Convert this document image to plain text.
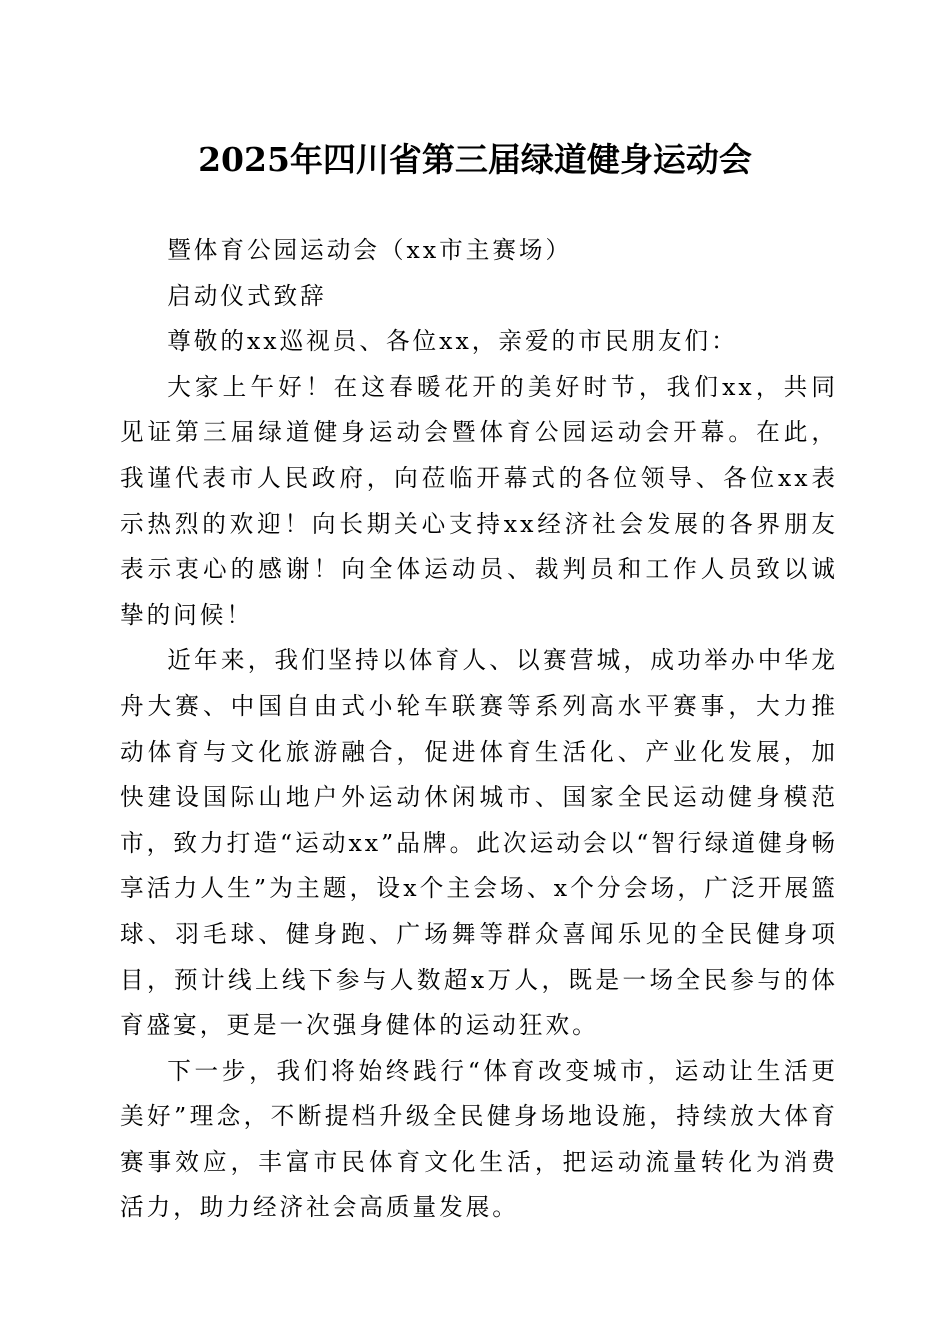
2025年四川省第三届绿道健身运动会

暨体育公园运动会（xx市主赛场）

启动仪式致辞

尊敬的xx巡视员、各位xx，亲爱的市民朋友们：

大家上午好！在这春暖花开的美好时节，我们xx，共同见证第三届绿道健身运动会暨体育公园运动会开幕。在此，我谨代表市人民政府，向莅临开幕式的各位领导、各位xx表示热烈的欢迎！向长期关心支持xx经济社会发展的各界朋友表示衷心的感谢！向全体运动员、裁判员和工作人员致以诚挚的问候！

近年来，我们坚持以体育人、以赛营城，成功举办中华龙舟大赛、中国自由式小轮车联赛等系列高水平赛事，大力推动体育与文化旅游融合，促进体育生活化、产业化发展，加快建设国际山地户外运动休闲城市、国家全民运动健身模范市，致力打造“运动xx”品牌。此次运动会以“智行绿道健身畅享活力人生”为主题，设x个主会场、x个分会场，广泛开展篮球、羽毛球、健身跑、广场舞等群众喜闻乐见的全民健身项目，预计线上线下参与人数超x万人，既是一场全民参与的体育盛宴，更是一次强身健体的运动狂欢。

下一步，我们将始终践行“体育改变城市，运动让生活更美好”理念，不断提档升级全民健身场地设施，持续放大体育赛事效应，丰富市民体育文化生活，把运动流量转化为消费活力，助力经济社会高质量发展。
